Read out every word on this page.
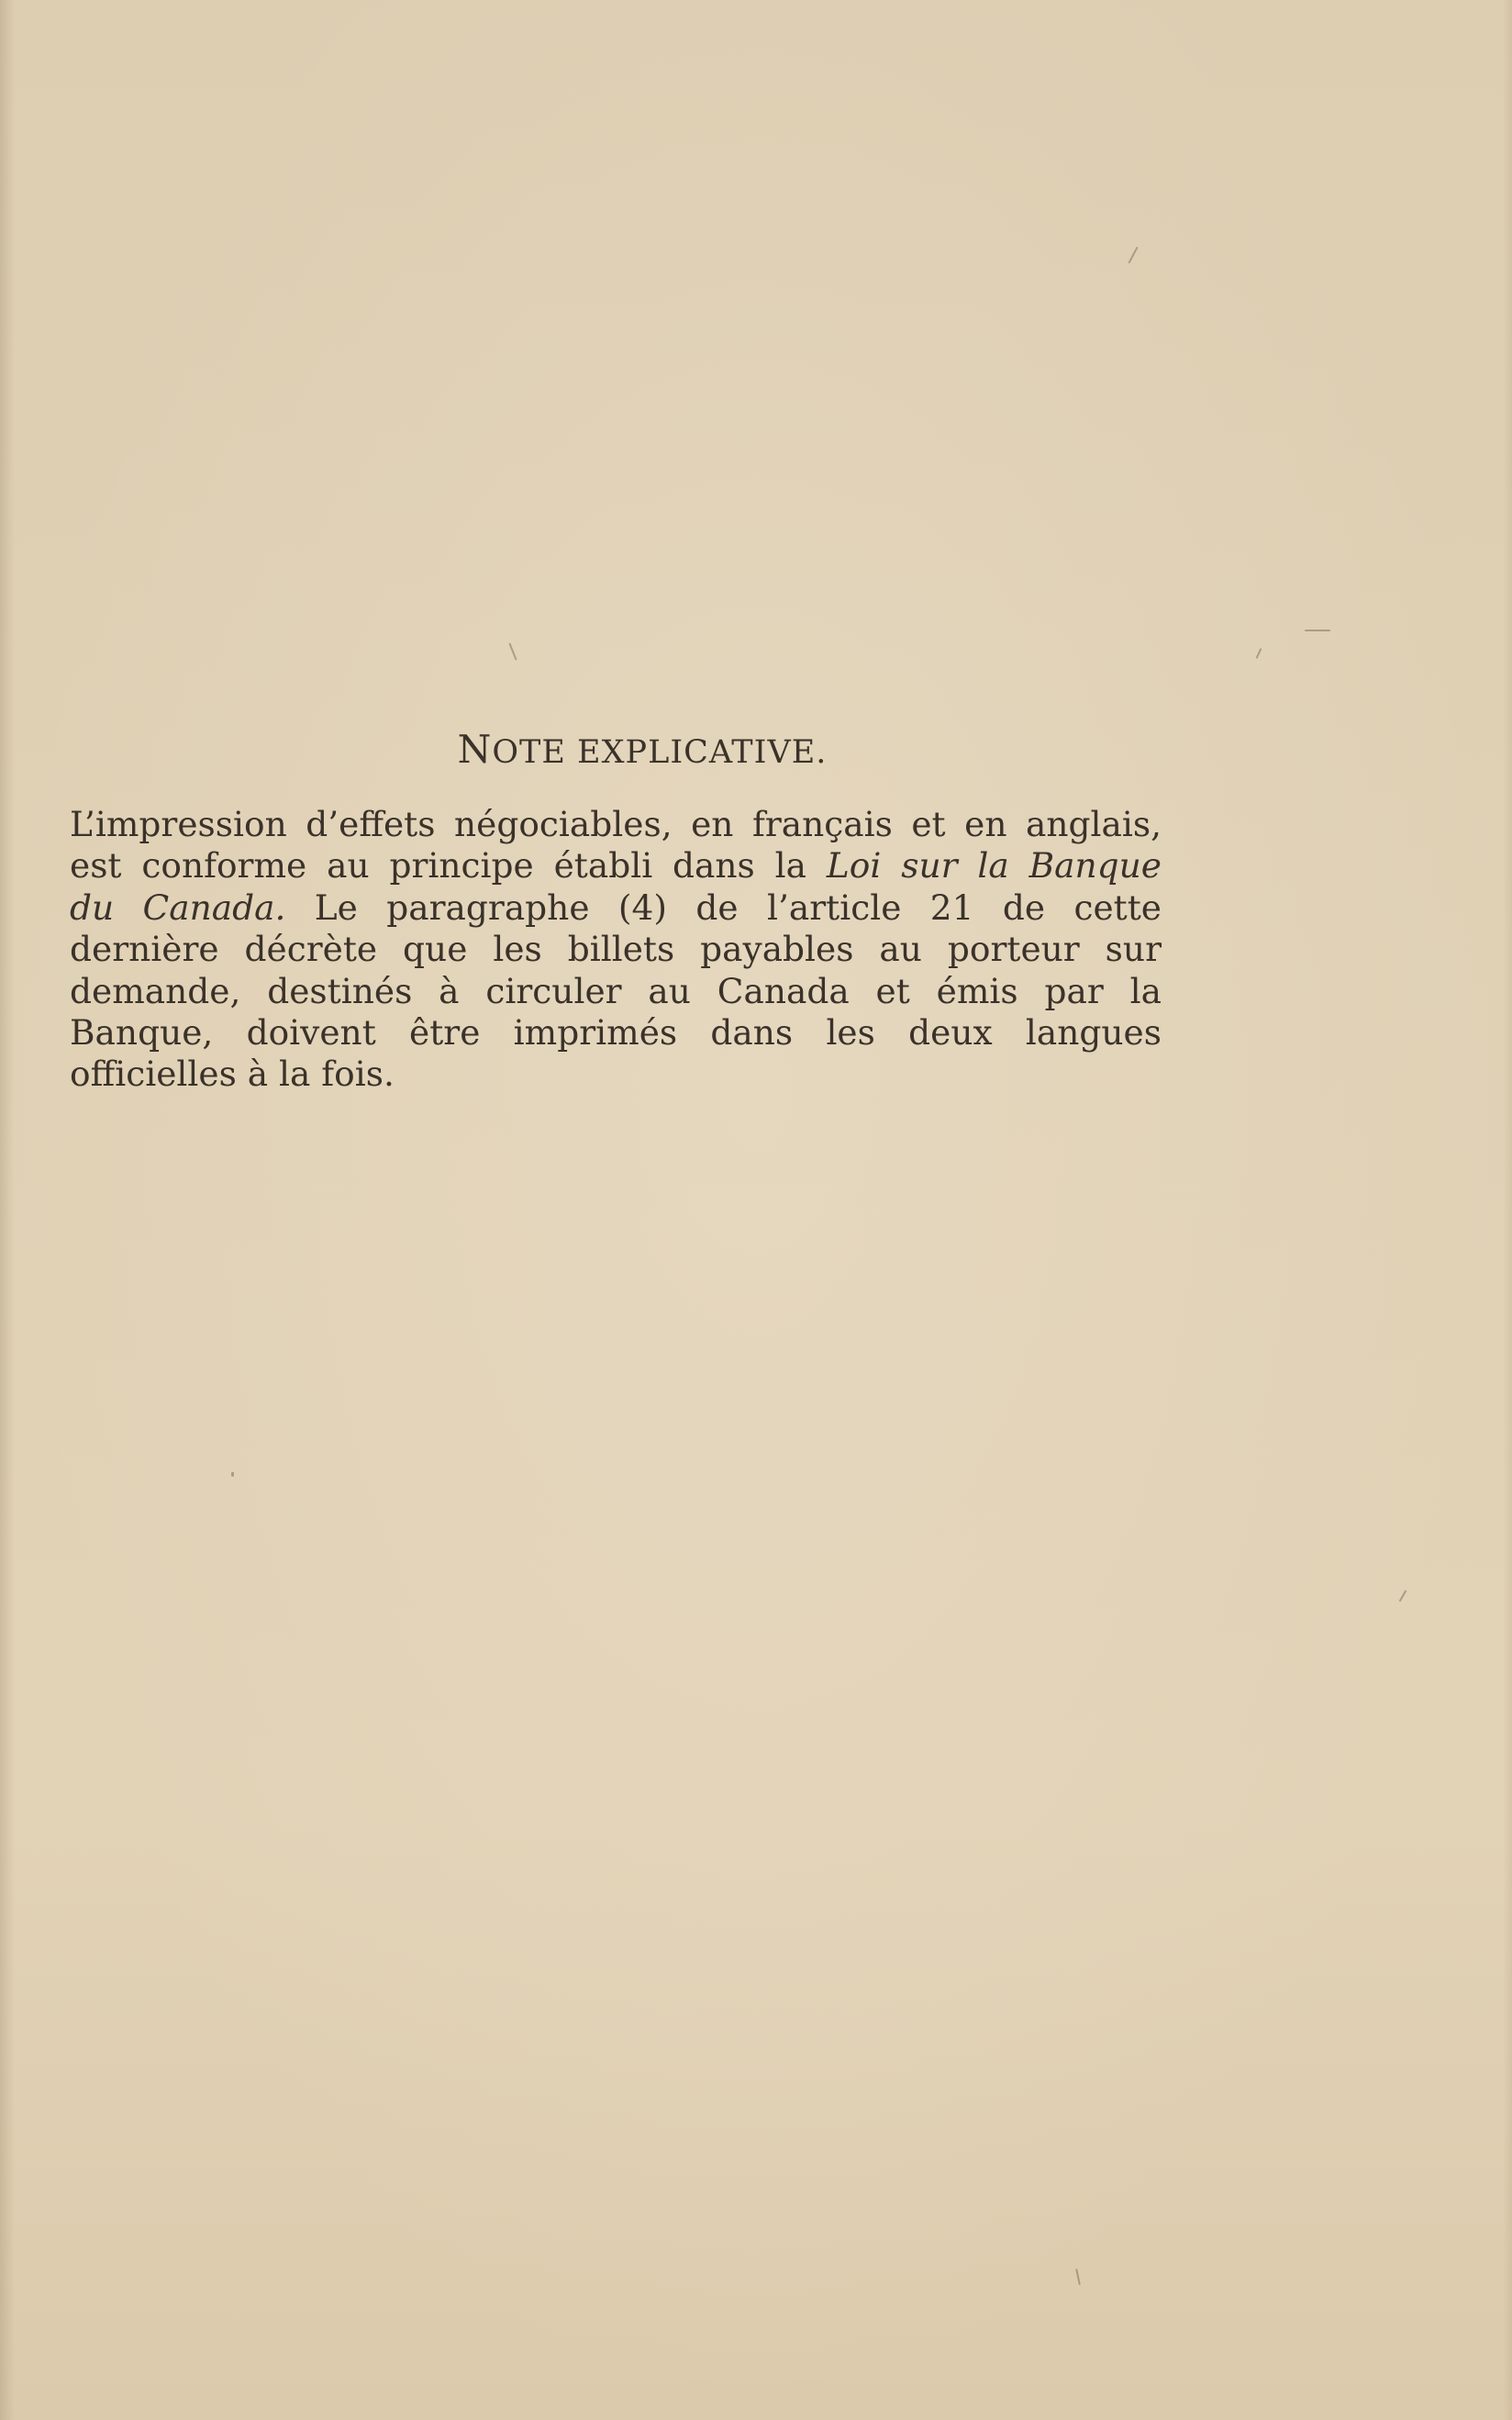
NOTE EXPLICATIVE.
L’impression d’effets négociables, en français et en anglais,
est conforme au principe établi dans la Loi sur la Banque
du Canada. Le paragraphe (4) de l’article 21 de cette
dernière décrète que les billets payables au porteur sur
demande, destinés à circuler au Canada et émis par la
Banque, doivent être imprimés dans les deux langues
officielles à la fois.
